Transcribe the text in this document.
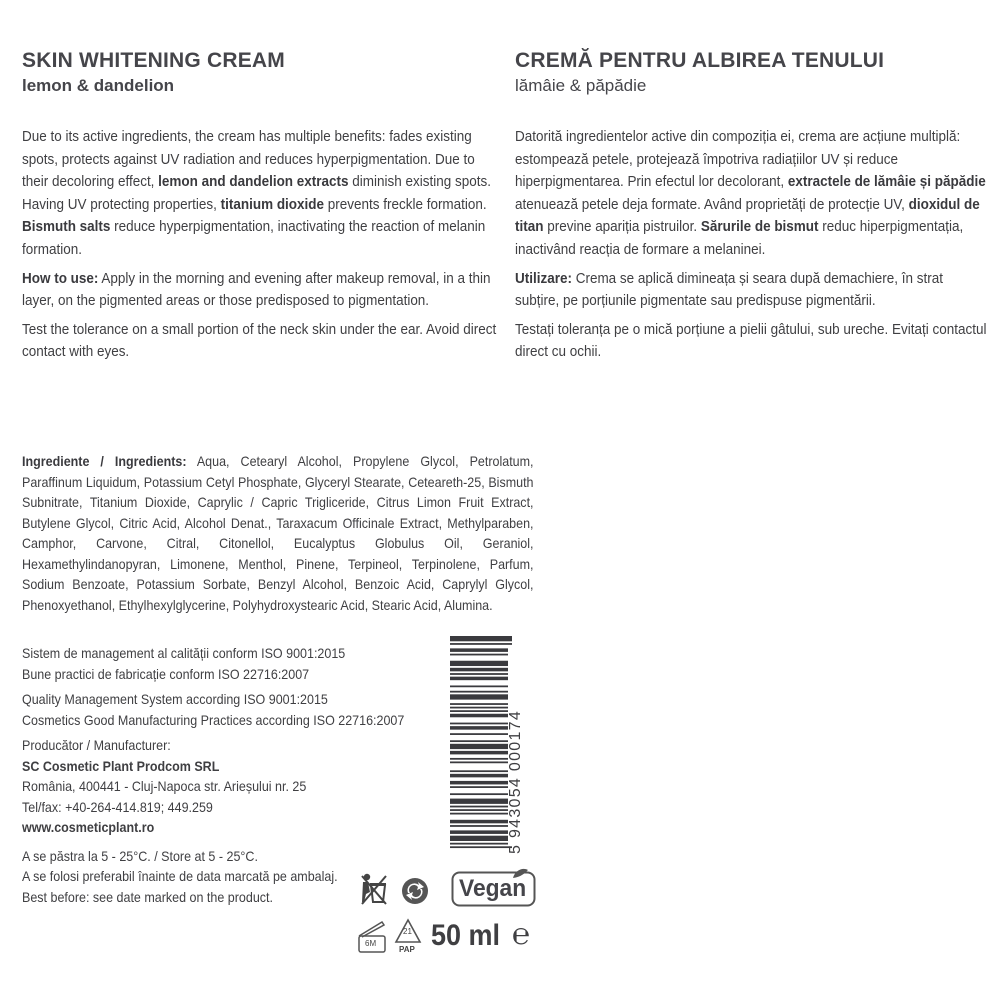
SKIN WHITENING CREAM
lemon & dandelion

Due to its active ingredients, the cream has multiple benefits: fades existing spots, protects against UV radiation and reduces hyperpigmentation. Due to their decoloring effect, lemon and dandelion extracts diminish existing spots. Having UV protecting properties, titanium dioxide prevents freckle formation. Bismuth salts reduce hyperpigmentation, inactivating the reaction of melanin formation.

How to use: Apply in the morning and evening after makeup removal, in a thin layer, on the pigmented areas or those predisposed to pigmentation.

Test the tolerance on a small portion of the neck skin under the ear. Avoid direct contact with eyes.

CREMĂ PENTRU ALBIREA TENULUI
lămâie & păpădie

Datorită ingredientelor active din compoziția ei, crema are acțiune multiplă: estompează petele, protejează împotriva radiațiilor UV și reduce hiperpigmentarea. Prin efectul lor decolorant, extractele de lămâie și păpădie atenuează petele deja formate. Având proprietăți de protecție UV, dioxidul de titan previne apariția pistruilor. Sărurile de bismut reduc hiperpigmentația, inactivând reacția de formare a melaninei.

Utilizare: Crema se aplică dimineața și seara după demachiere, în strat subțire, pe porțiunile pigmentate sau predispuse pigmentării.

Testați toleranța pe o mică porțiune a pielii gâtului, sub ureche. Evitați contactul direct cu ochii.

Ingrediente / Ingredients: Aqua, Cetearyl Alcohol, Propylene Glycol, Petrolatum, Paraffinum Liquidum, Potassium Cetyl Phosphate, Glyceryl Stearate, Ceteareth-25, Bismuth Subnitrate, Titanium Dioxide, Caprylic / Capric Trigliceride, Citrus Limon Fruit Extract, Butylene Glycol, Citric Acid, Alcohol Denat., Taraxacum Officinale Extract, Methylparaben, Camphor, Carvone, Citral, Citonellol, Eucalyptus Globulus Oil, Geraniol, Hexamethylindanopyran, Limonene, Menthol, Pinene, Terpineol, Terpinolene, Parfum, Sodium Benzoate, Potassium Sorbate, Benzyl Alcohol, Benzoic Acid, Caprylyl Glycol, Phenoxyethanol, Ethylhexylglycerine, Polyhydroxystearic Acid, Stearic Acid, Alumina.

Sistem de management al calității conform ISO 9001:2015
Bune practici de fabricație conform ISO 22716:2007
Quality Management System according ISO 9001:2015
Cosmetics Good Manufacturing Practices according ISO 22716:2007
Producător / Manufacturer:
SC Cosmetic Plant Prodcom SRL
România, 400441 - Cluj-Napoca str. Arieșului nr. 25
Tel/fax: +40-264-414.819; 449.259
www.cosmeticplant.ro
A se păstra la 5 - 25°C. / Store at 5 - 25°C.
A se folosi preferabil înainte de data marcată pe ambalaj.
Best before: see date marked on the product.
5 943054 000174
Vegan
6M
21
PAP 50 ml ℮
